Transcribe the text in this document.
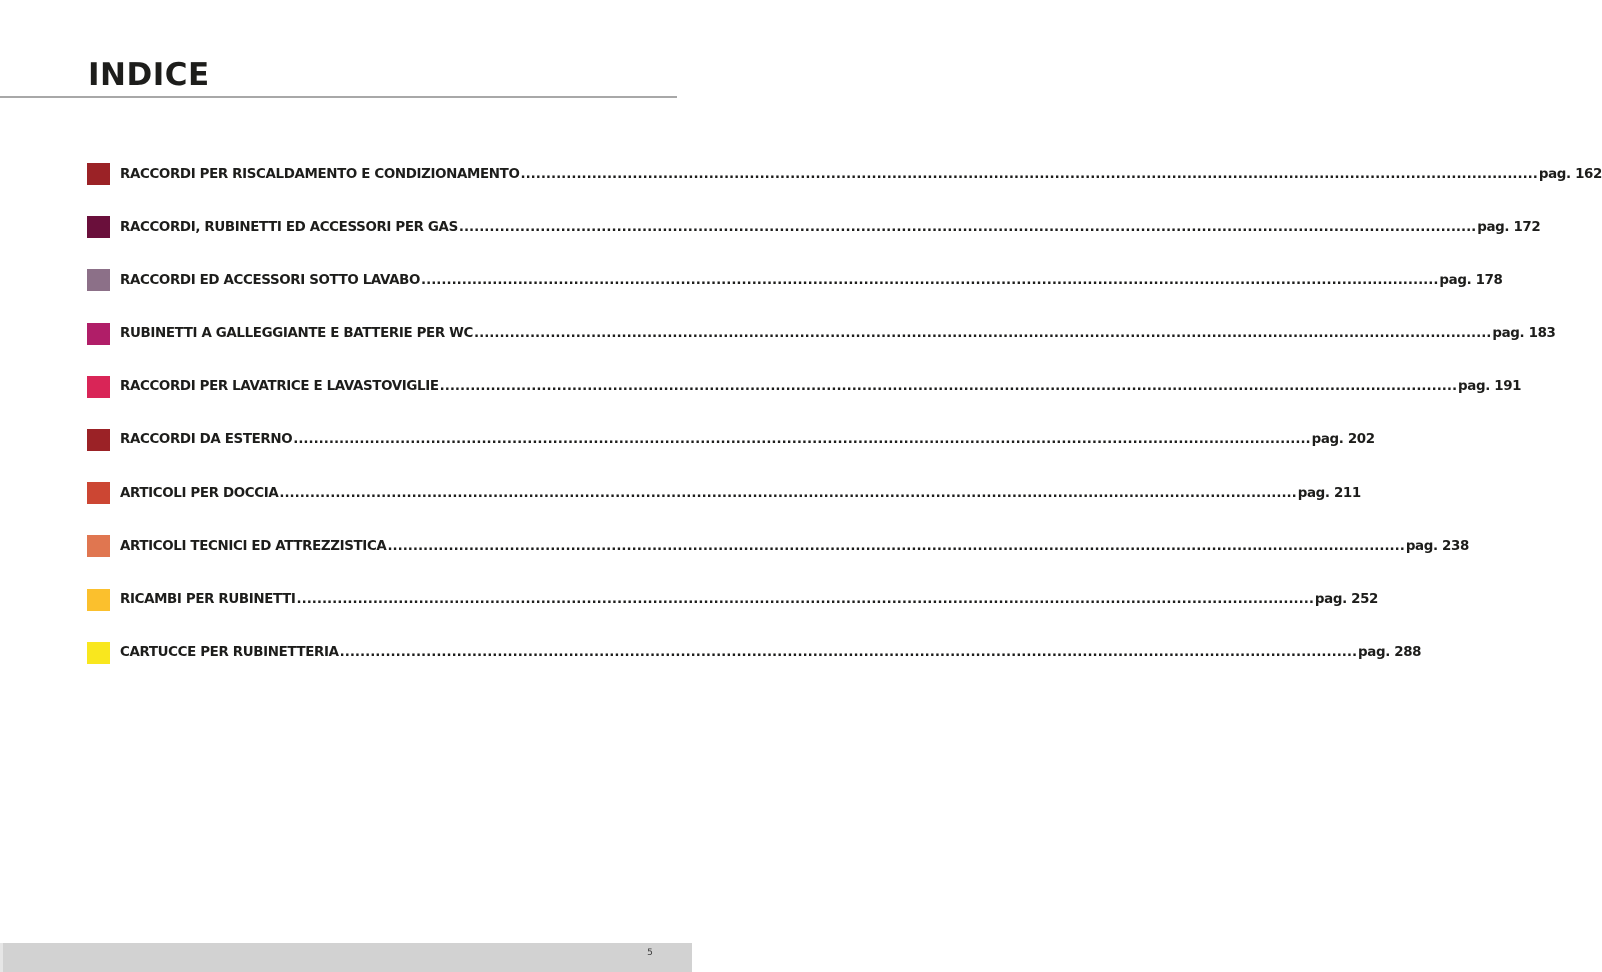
INDICE
RACCORDI PER RISCALDAMENTO E CONDIZIONAMENTO ........................................................................................................................................................................................................ pag. 162
RACCORDI, RUBINETTI ED ACCESSORI PER GAS ........................................................................................................................................................................................................ pag. 172
RACCORDI ED ACCESSORI SOTTO LAVABO ........................................................................................................................................................................................................ pag. 178
RUBINETTI A GALLEGGIANTE E BATTERIE PER WC ........................................................................................................................................................................................................ pag. 183
RACCORDI PER LAVATRICE E LAVASTOVIGLIE ........................................................................................................................................................................................................ pag. 191
RACCORDI DA ESTERNO ........................................................................................................................................................................................................ pag. 202
ARTICOLI PER DOCCIA ........................................................................................................................................................................................................ pag. 211
ARTICOLI TECNICI ED ATTREZZISTICA ........................................................................................................................................................................................................ pag. 238
RICAMBI PER RUBINETTI ........................................................................................................................................................................................................ pag. 252
CARTUCCE PER RUBINETTERIA ........................................................................................................................................................................................................ pag. 288
5
